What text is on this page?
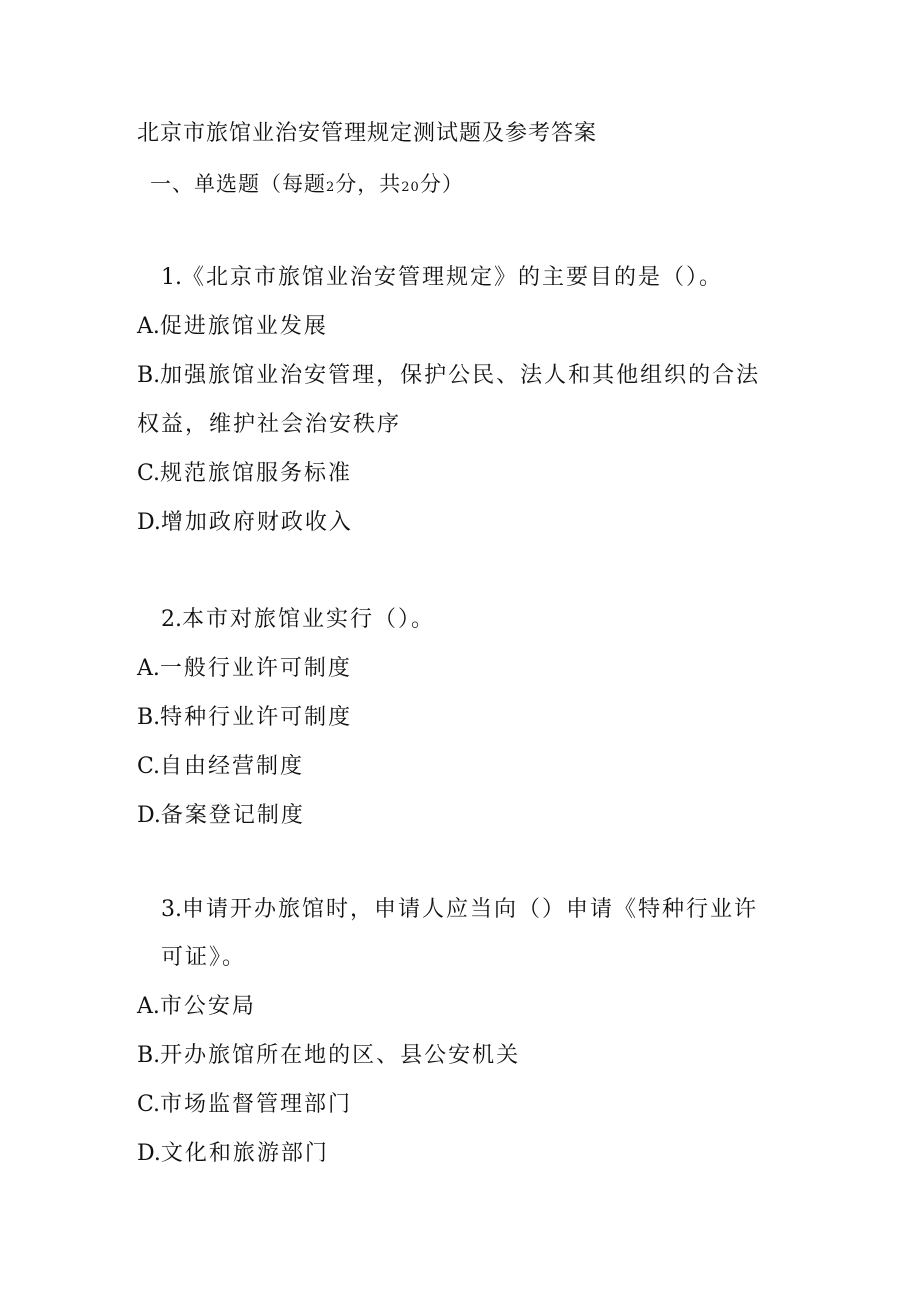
北京市旅馆业治安管理规定测试题及参考答案
一、单选题（每题2分，共20分）

1.《北京市旅馆业治安管理规定》的主要目的是（）。

A.促进旅馆业发展

B.加强旅馆业治安管理，保护公民、法人和其他组织的合法权益，维护社会治安秩序

C.规范旅馆服务标准

D.增加政府财政收入

2.本市对旅馆业实行（）。

A.一般行业许可制度

B.特种行业许可制度

C.自由经营制度

D.备案登记制度

3.申请开办旅馆时，申请人应当向（）申请《特种行业许可证》。

A.市公安局

B.开办旅馆所在地的区、县公安机关

C.市场监督管理部门

D.文化和旅游部门
